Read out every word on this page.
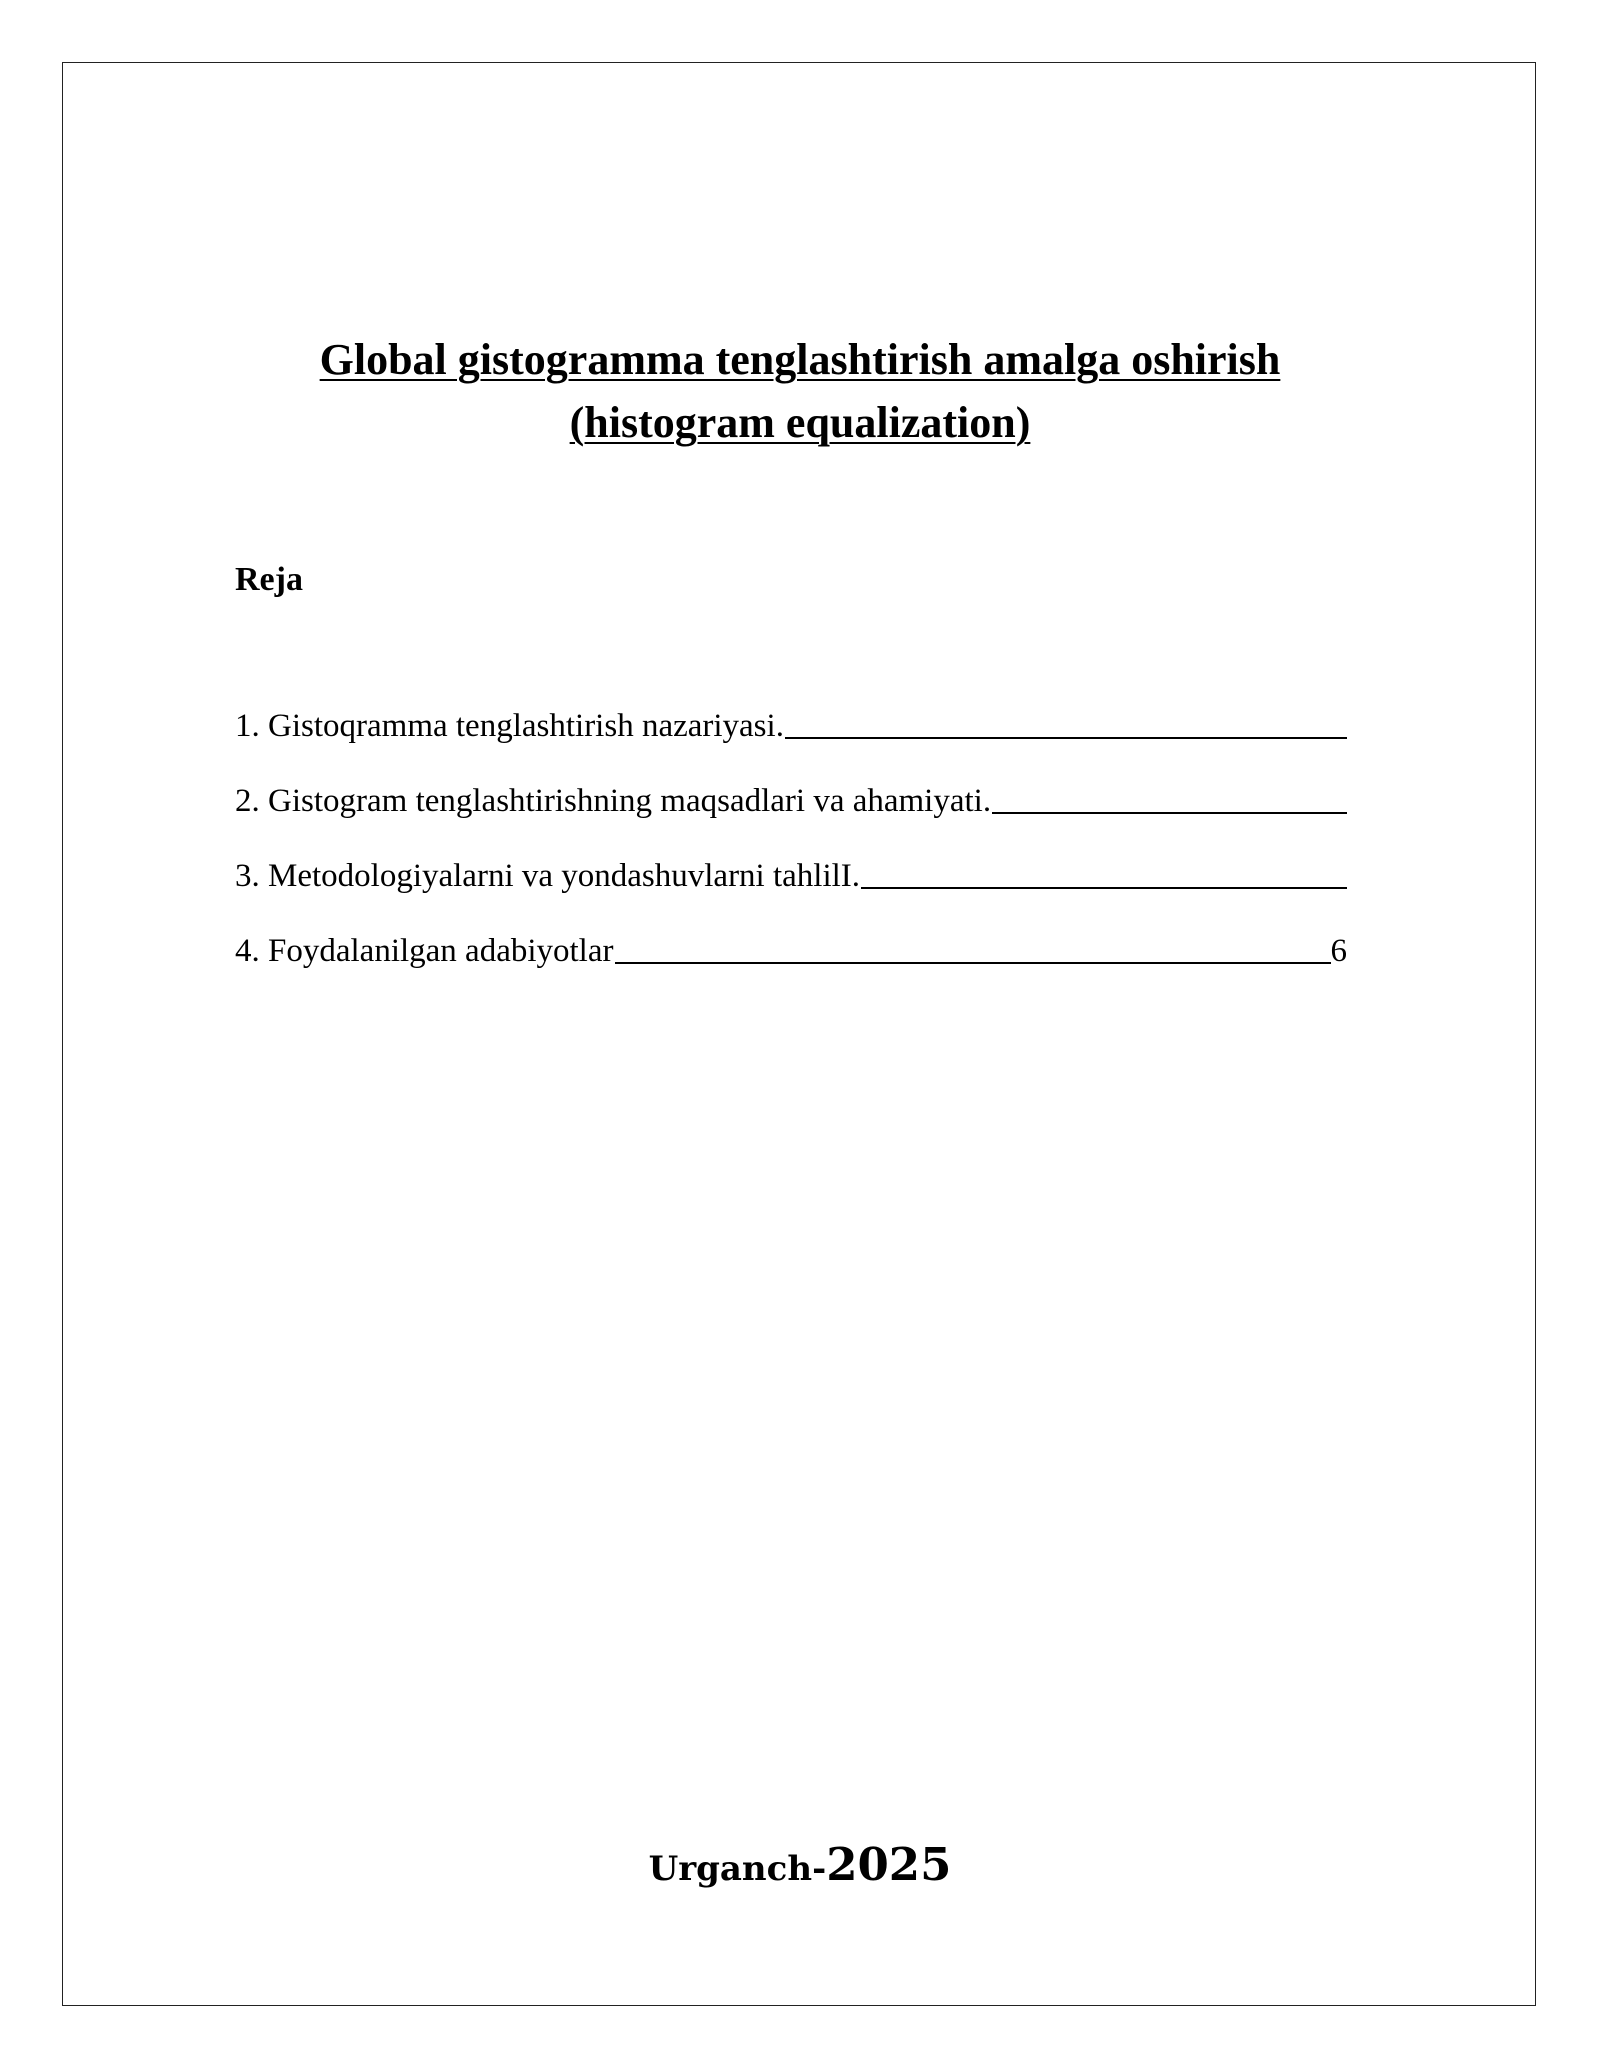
Global gistogramma tenglashtirish amalga oshirish
(histogram equalization)
Reja
1. Gistoqramma tenglashtirish nazariyasi.
2. Gistogram tenglashtirishning maqsadlari va ahamiyati.
3. Metodologiyalarni va yondashuvlarni tahlilI.
4. Foydalanilgan adabiyotlar	6
Urganch-2025
